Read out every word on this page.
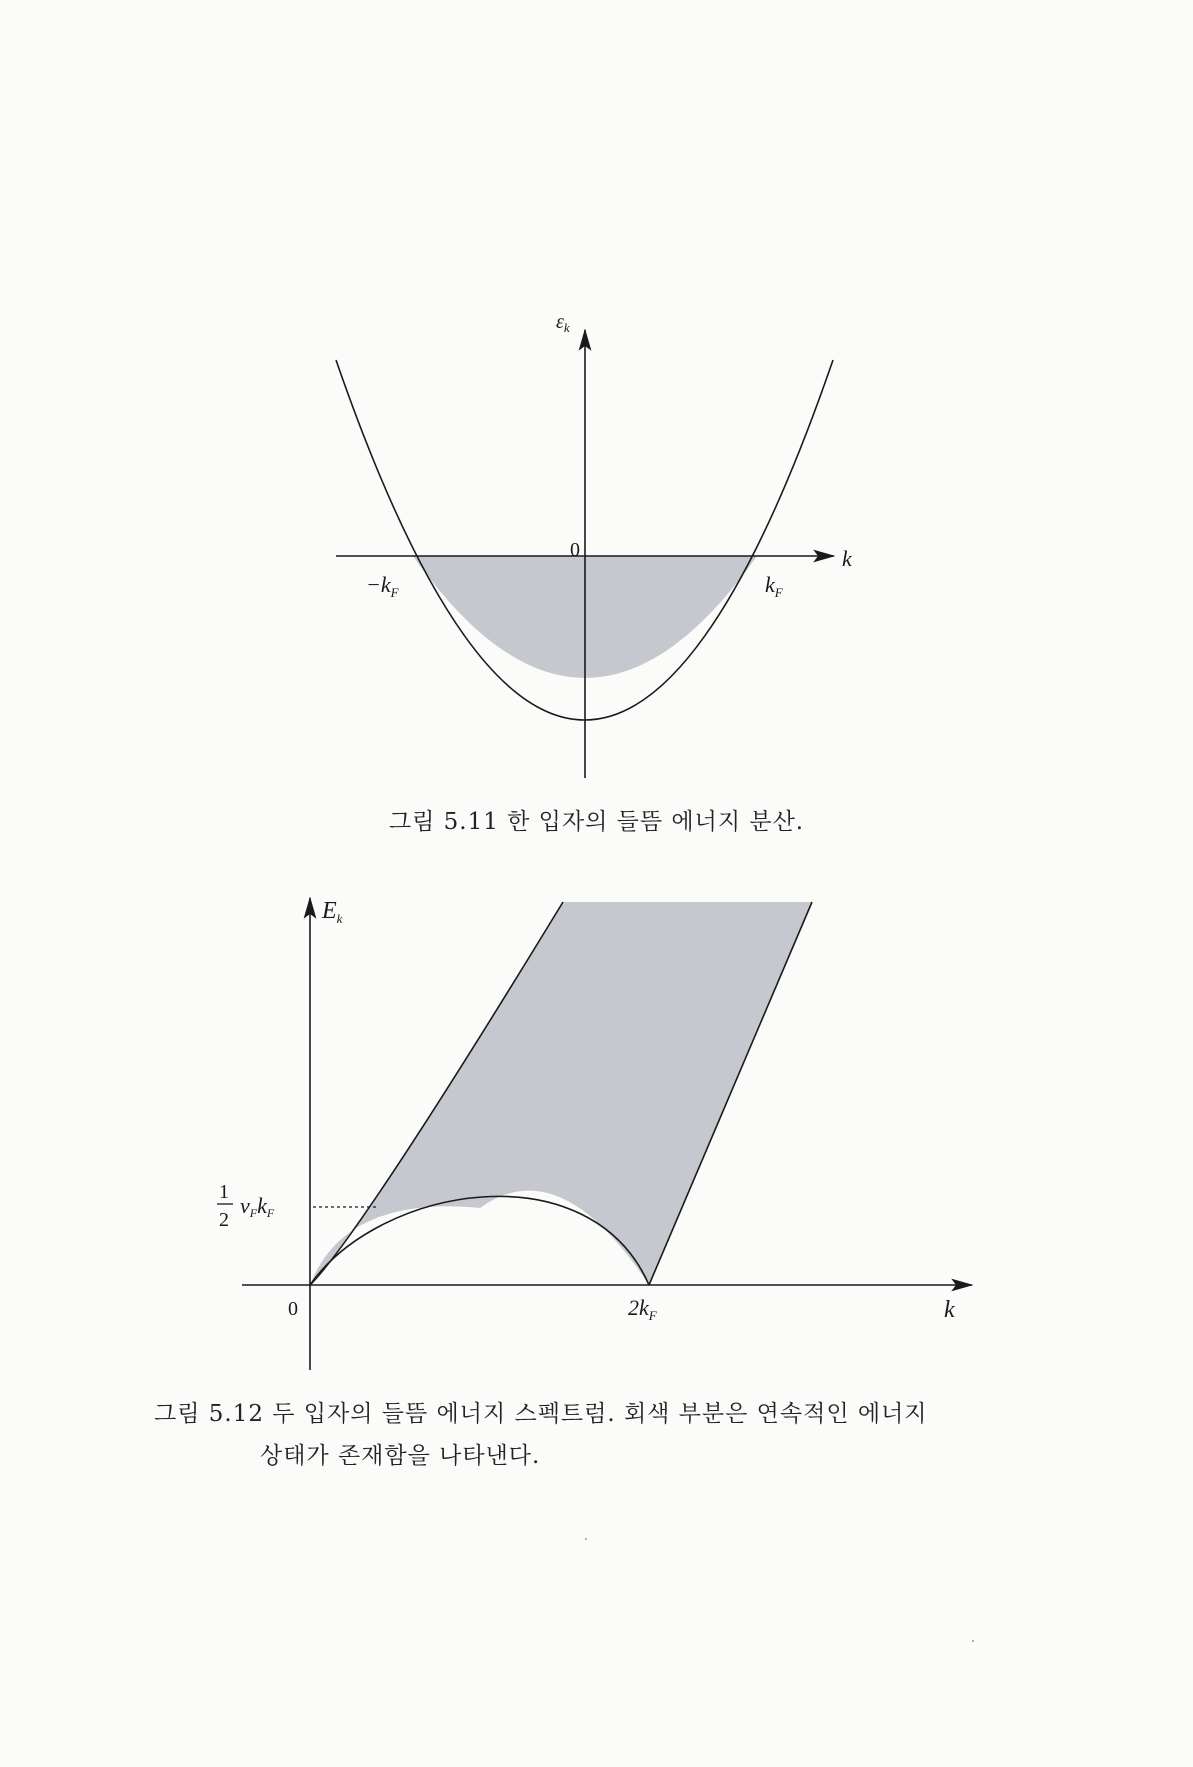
$\varepsilon_k$
k
0
$-k_F$	$k_F$
그림 5.11 한 입자의 들뜸 에너지 분산.
$E_k$
0	$2k_F$	k
1
2
vFkF
그림 5.12 두 입자의 들뜸 에너지 스펙트럼. 회색 부분은 연속적인 에너지
상태가 존재함을 나타낸다.
